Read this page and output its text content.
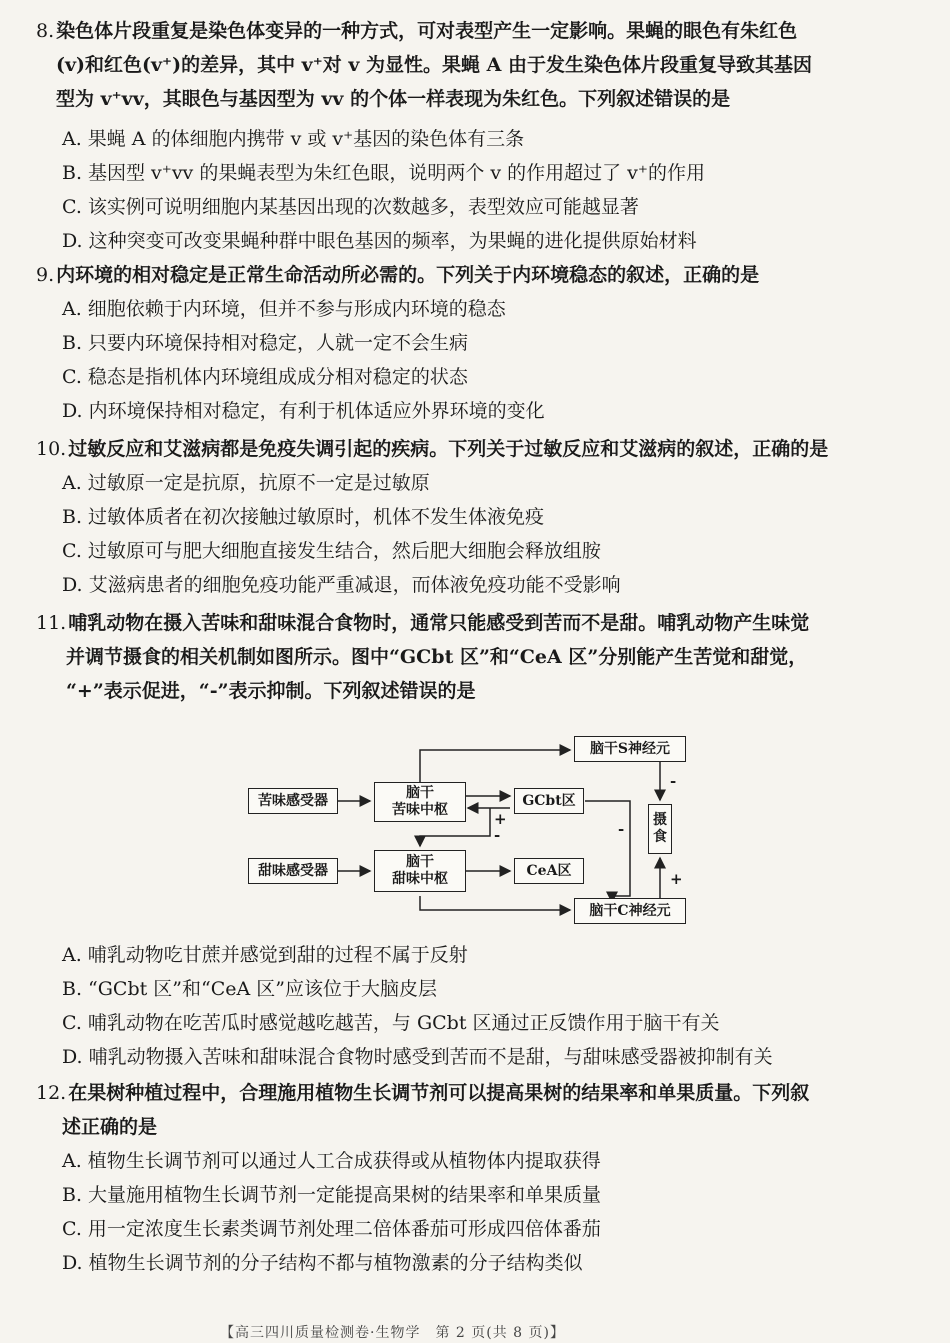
8. 染色体片段重复是染色体变异的一种方式，可对表型产生一定影响。果蝇的眼色有朱红色
(v)和红色(v⁺)的差异，其中 v⁺对 v 为显性。果蝇 A 由于发生染色体片段重复导致其基因
型为 v⁺vv，其眼色与基因型为 vv 的个体一样表现为朱红色。下列叙述错误的是
A. 果蝇 A 的体细胞内携带 v 或 v⁺基因的染色体有三条
B. 基因型 v⁺vv 的果蝇表型为朱红色眼，说明两个 v 的作用超过了 v⁺的作用
C. 该实例可说明细胞内某基因出现的次数越多，表型效应可能越显著
D. 这种突变可改变果蝇种群中眼色基因的频率，为果蝇的进化提供原始材料
9. 内环境的相对稳定是正常生命活动所必需的。下列关于内环境稳态的叙述，正确的是
A. 细胞依赖于内环境，但并不参与形成内环境的稳态
B. 只要内环境保持相对稳定，人就一定不会生病
C. 稳态是指机体内环境组成成分相对稳定的状态
D. 内环境保持相对稳定，有利于机体适应外界环境的变化
10. 过敏反应和艾滋病都是免疫失调引起的疾病。下列关于过敏反应和艾滋病的叙述，正确的是
A. 过敏原一定是抗原，抗原不一定是过敏原
B. 过敏体质者在初次接触过敏原时，机体不发生体液免疫
C. 过敏原可与肥大细胞直接发生结合，然后肥大细胞会释放组胺
D. 艾滋病患者的细胞免疫功能严重减退，而体液免疫功能不受影响
11. 哺乳动物在摄入苦味和甜味混合食物时，通常只能感受到苦而不是甜。哺乳动物产生味觉
并调节摄食的相关机制如图所示。图中“GCbt 区”和“CeA 区”分别能产生苦觉和甜觉，
“+”表示促进，“-”表示抑制。下列叙述错误的是
苦味感受器
甜味感受器
脑干
苦味中枢
脑干
甜味中枢
GCbt区
CeA区
脑干S神经元
脑干C神经元
摄
食
+
-
-
+
-
A. 哺乳动物吃甘蔗并感觉到甜的过程不属于反射
B. “GCbt 区”和“CeA 区”应该位于大脑皮层
C. 哺乳动物在吃苦瓜时感觉越吃越苦，与 GCbt 区通过正反馈作用于脑干有关
D. 哺乳动物摄入苦味和甜味混合食物时感受到苦而不是甜，与甜味感受器被抑制有关
12. 在果树种植过程中，合理施用植物生长调节剂可以提高果树的结果率和单果质量。下列叙
述正确的是
A. 植物生长调节剂可以通过人工合成获得或从植物体内提取获得
B. 大量施用植物生长调节剂一定能提高果树的结果率和单果质量
C. 用一定浓度生长素类调节剂处理二倍体番茄可形成四倍体番茄
D. 植物生长调节剂的分子结构不都与植物激素的分子结构类似
【高三四川质量检测卷·生物学　第 2 页(共 8 页)】
